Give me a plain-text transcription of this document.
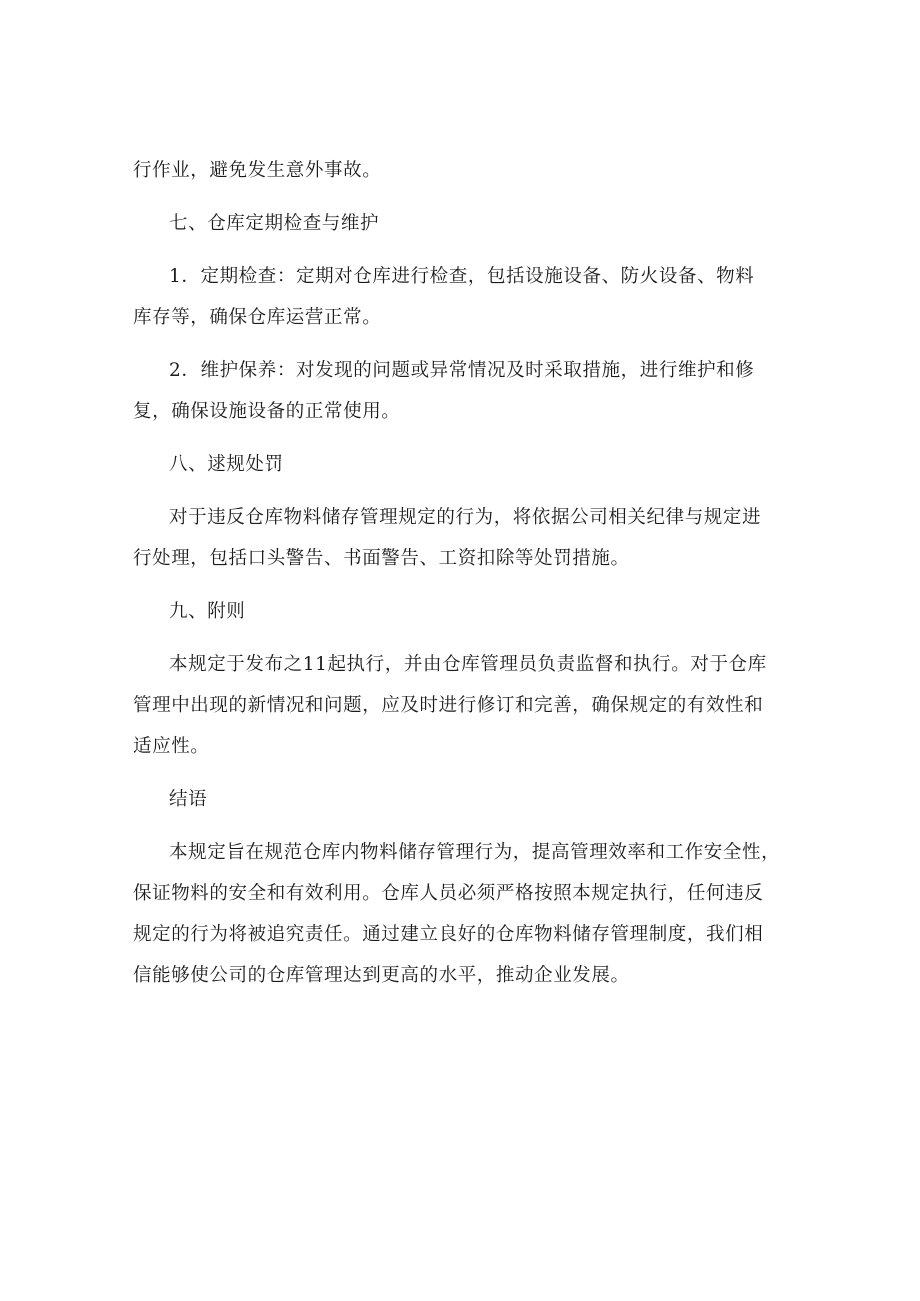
行作业，避免发生意外事故。
七、仓库定期检查与维护
1．定期检查：定期对仓库进行检查，包括设施设备、防火设备、物料
库存等，确保仓库运营正常。
2．维护保养：对发现的问题或异常情况及时采取措施，进行维护和修
复，确保设施设备的正常使用。
八、逑规处罚
对于违反仓库物料储存管理规定的行为，将依据公司相关纪律与规定进
行处理，包括口头警告、书面警告、工资扣除等处罚措施。
九、附则
本规定于发布之11起执行，并由仓库管理员负责监督和执行。对于仓库
管理中出现的新情况和问题，应及时进行修订和完善，确保规定的有效性和
适应性。
结语
本规定旨在规范仓库内物料储存管理行为，提高管理效率和工作安全性，
保证物料的安全和有效利用。仓库人员必须严格按照本规定执行，任何违反
规定的行为将被追究责任。通过建立良好的仓库物料储存管理制度，我们相
信能够使公司的仓库管理达到更高的水平，推动企业发展。
